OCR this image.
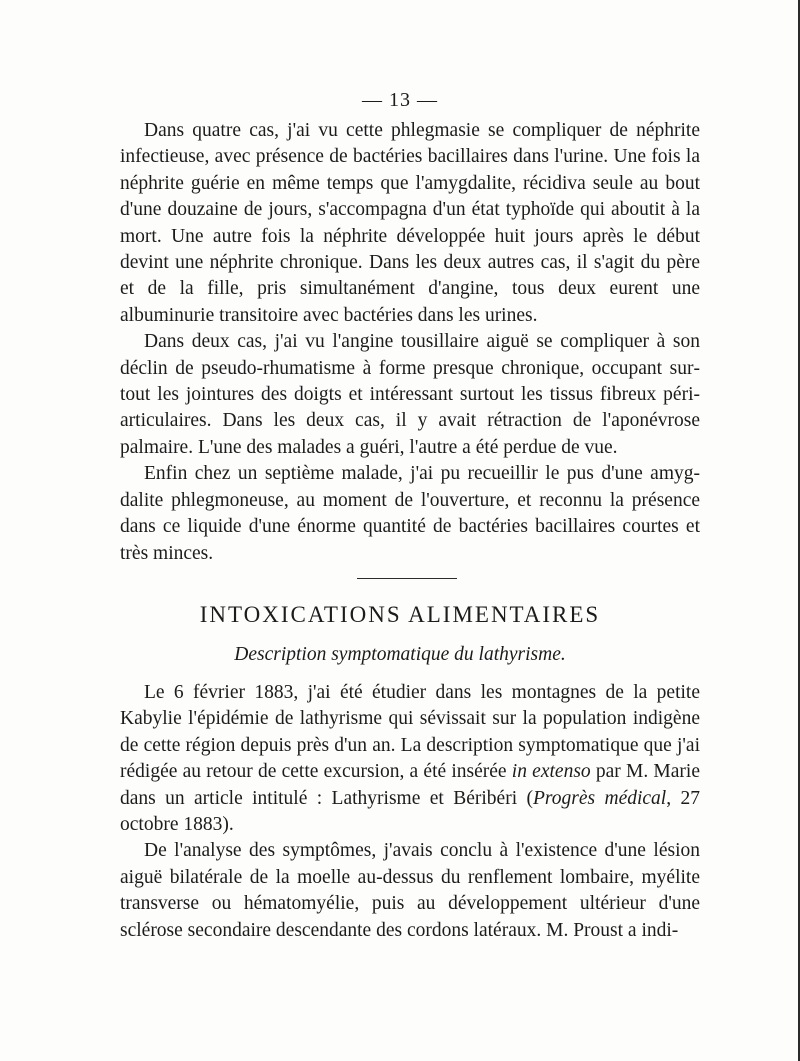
— 13 —

Dans quatre cas, j'ai vu cette phlegmasie se compliquer de néphrite infectieuse, avec présence de bactéries bacillaires dans l'urine. Une fois la néphrite guérie en même temps que l'amygdalite, récidiva seule au bout d'une douzaine de jours, s'accompagna d'un état typhoïde qui aboutit à la mort. Une autre fois la néphrite développée huit jours après le début devint une néphrite chronique. Dans les deux autres cas, il s'agit du père et de la fille, pris simultanément d'angine, tous deux eurent une albuminurie transitoire avec bactéries dans les urines.

Dans deux cas, j'ai vu l'angine tousillaire aiguë se compliquer à son déclin de pseudo-rhumatisme à forme presque chronique, occupant surtout les jointures des doigts et intéressant surtout les tissus fibreux périarticulaires. Dans les deux cas, il y avait rétraction de l'aponévrose palmaire. L'une des malades a guéri, l'autre a été perdue de vue.

Enfin chez un septième malade, j'ai pu recueillir le pus d'une amygdalite phlegmoneuse, au moment de l'ouverture, et reconnu la présence dans ce liquide d'une énorme quantité de bactéries bacillaires courtes et très minces.

INTOXICATIONS ALIMENTAIRES
Description symptomatique du lathyrisme.

Le 6 février 1883, j'ai été étudier dans les montagnes de la petite Kabylie l'épidémie de lathyrisme qui sévissait sur la population indigène de cette région depuis près d'un an. La description symptomatique que j'ai rédigée au retour de cette excursion, a été insérée in extenso par M. Marie dans un article intitulé : Lathyrisme et Béribéri (Progrès médical, 27 octobre 1883).

De l'analyse des symptômes, j'avais conclu à l'existence d'une lésion aiguë bilatérale de la moelle au-dessus du renflement lombaire, myélite transverse ou hématomyélie, puis au développement ultérieur d'une sclérose secondaire descendante des cordons latéraux. M. Proust a indi-
